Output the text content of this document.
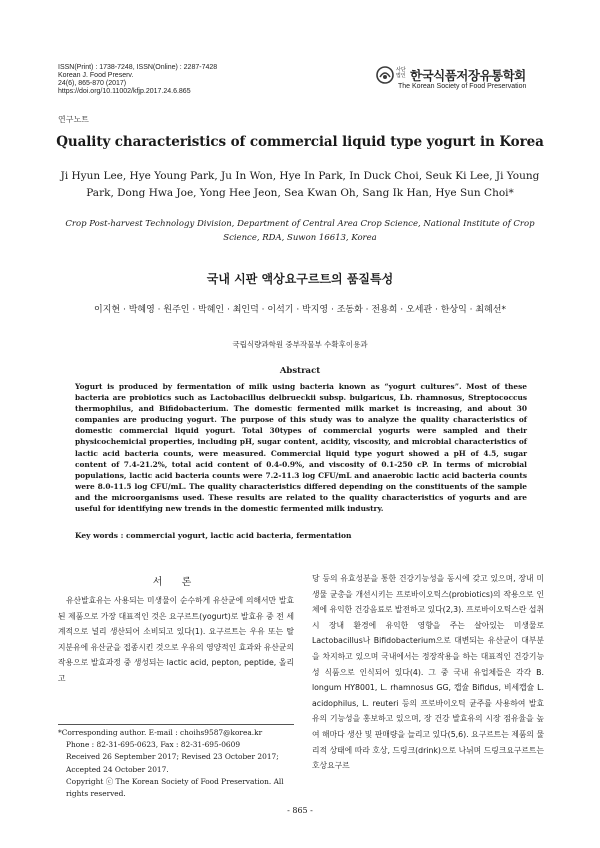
ISSN(Print) : 1738-7248, ISSN(Online) : 2287-7428
Korean J. Food Preserv.
24(6), 865-870 (2017)
https://doi.org/10.11002/kfjp.2017.24.6.865
사단
법인 한국식품저장유통학회
The Korean Society of Food Preservation
연구노트
Quality characteristics of commercial liquid type yogurt in Korea
Ji Hyun Lee, Hye Young Park, Ju In Won, Hye In Park, In Duck Choi, Seuk Ki Lee, Ji Young Park, Dong Hwa Joe, Yong Hee Jeon, Sea Kwan Oh, Sang Ik Han, Hye Sun Choi*
Crop Post-harvest Technology Division, Department of Central Area Crop Science, National Institute of Crop Science, RDA, Suwon 16613, Korea
국내 시판 액상요구르트의 품질특성
이지현 · 박혜영 · 원주인 · 박혜인 · 최인덕 · 이석기 · 박지영 · 조동화 · 전용희 · 오세관 · 한상익 · 최혜선*
국립식량과학원 중부작물부 수확후이용과
Abstract
Yogurt is produced by fermentation of milk using bacteria known as “yogurt cultures”. Most of these bacteria are probiotics such as Lactobacillus delbrueckii subsp. bulgaricus, Lb. rhamnosus, Streptococcus thermophilus, and Bifidobacterium. The domestic fermented milk market is increasing, and about 30 companies are producing yogurt. The purpose of this study was to analyze the quality characteristics of domestic commercial liquid yogurt. Total 30types of commercial yogurts were sampled and their physicochemicial properties, including pH, sugar content, acidity, viscosity, and microbial characteristics of lactic acid bacteria counts, were measured. Commercial liquid type yogurt showed a pH of 4.5, sugar content of 7.4-21.2%, total acid content of 0.4-0.9%, and viscosity of 0.1-250 cP. In terms of microbial populations, lactic acid bacteria counts were 7.2-11.3 log CFU/mL and anaerobic lactic acid bacteria counts were 8.0-11.5 log CFU/mL. The quality characteristics differed depending on the constituents of the sample and the microorganisms used. These results are related to the quality characteristics of yogurts and are useful for identifying new trends in the domestic fermented milk industry.
Key words : commercial yogurt, lactic acid bacteria, fermentation
서 론
유산발효유는 사용되는 미생물이 순수하게 유산균에 의해서만 발효된 제품으로 가장 대표적인 것은 요구르트(yogurt)로 발효유 중 전 세계적으로 널리 생산되어 소비되고 있다(1). 요구르트는 우유 또는 탈지분유에 유산균을 접종시킨 것으로 우유의 영양적인 효과와 유산균의 작용으로 발효과정 중 생성되는 lactic acid, pepton, peptide, 올리고
*Corresponding author. E-mail : choihs9587@korea.kr
Phone : 82-31-695-0623, Fax : 82-31-695-0609
Received 26 September 2017; Revised 23 October 2017; Accepted 24 October 2017.
Copyright ⓒ The Korean Society of Food Preservation. All rights reserved.
당 등의 유효성분을 통한 건강기능성을 동시에 갖고 있으며, 장내 미생물 균총을 개선시키는 프로바이오틱스(probiotics)의 작용으로 인체에 유익한 건강음료로 발전하고 있다(2,3). 프로바이오틱스란 섭취 시 장내 환경에 유익한 영향을 주는 살아있는 미생물로 Lactobacillus나 Bifidobacterium으로 대변되는 유산균이 대부분을 차지하고 있으며 국내에서는 정장작용을 하는 대표적인 건강기능성 식품으로 인식되어 있다(4). 그 중 국내 유업체들은 각각 B. longum HY8001, L. rhamnosus GG, 캡슐 Bifidus, 비세캡슐 L. acidophilus, L. reuteri 등의 프로바이오틱 균주를 사용하여 발효유의 기능성을 홍보하고 있으며, 장 건강 발효유의 시장 점유율을 높여 해마다 생산 및 판매량을 늘리고 있다(5,6). 요구르트는 제품의 물리적 상태에 따라 호상, 드링크(drink)으로 나뉘며 드링크요구르트는 호상요구르
- 865 -
